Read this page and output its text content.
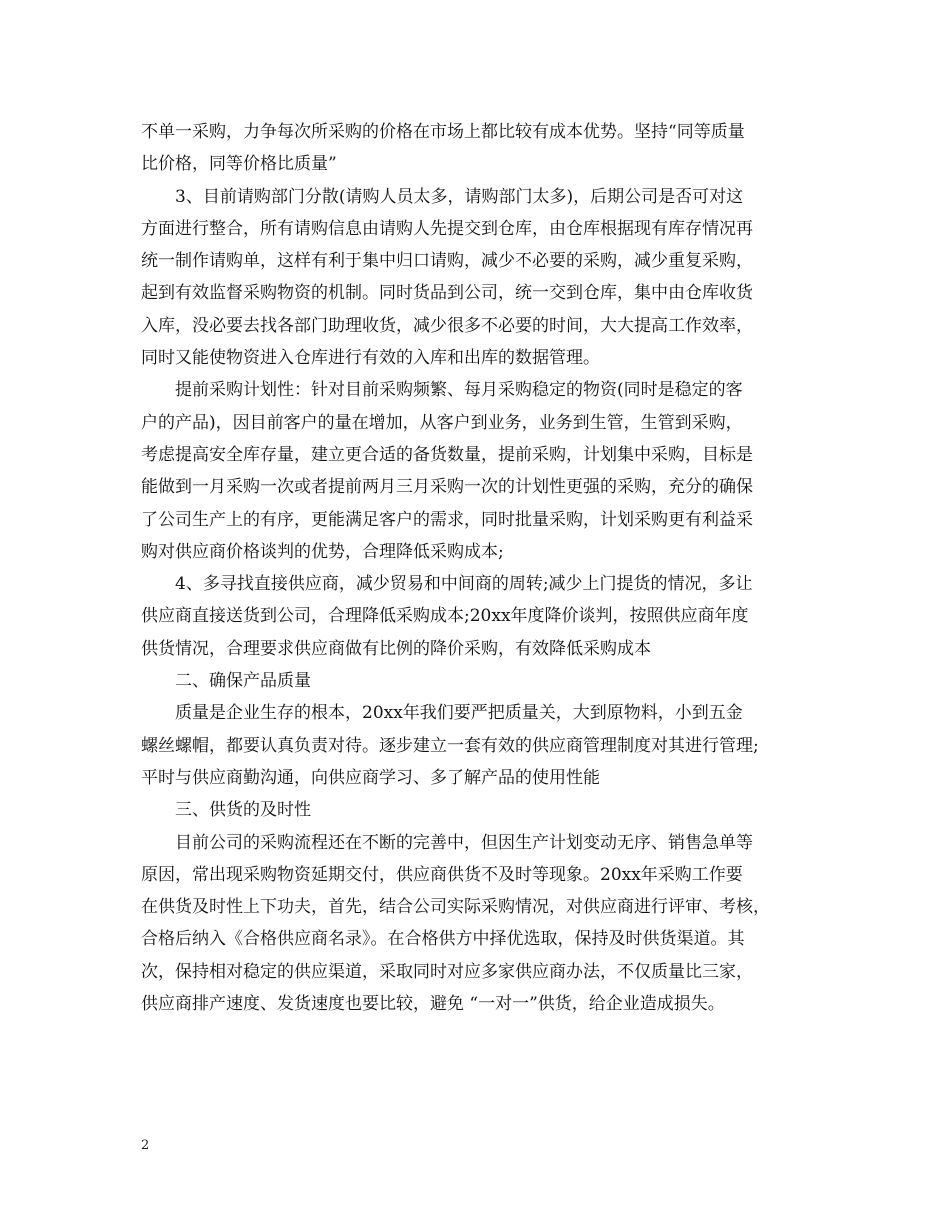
不单一采购，力争每次所采购的价格在市场上都比较有成本优势。坚持“同等质量
比价格，同等价格比质量”
3、目前请购部门分散(请购人员太多，请购部门太多)，后期公司是否可对这
方面进行整合，所有请购信息由请购人先提交到仓库，由仓库根据现有库存情况再
统一制作请购单，这样有利于集中归口请购，减少不必要的采购，减少重复采购，
起到有效监督采购物资的机制。同时货品到公司，统一交到仓库，集中由仓库收货
入库，没必要去找各部门助理收货，减少很多不必要的时间，大大提高工作效率，
同时又能使物资进入仓库进行有效的入库和出库的数据管理。
提前采购计划性：针对目前采购频繁、每月采购稳定的物资(同时是稳定的客
户的产品)，因目前客户的量在增加，从客户到业务，业务到生管，生管到采购，
考虑提高安全库存量，建立更合适的备货数量，提前采购，计划集中采购，目标是
能做到一月采购一次或者提前两月三月采购一次的计划性更强的采购，充分的确保
了公司生产上的有序，更能满足客户的需求，同时批量采购，计划采购更有利益采
购对供应商价格谈判的优势，合理降低采购成本;
4、多寻找直接供应商，减少贸易和中间商的周转;减少上门提货的情况，多让
供应商直接送货到公司，合理降低采购成本;20xx年度降价谈判，按照供应商年度
供货情况，合理要求供应商做有比例的降价采购，有效降低采购成本
二、确保产品质量
质量是企业生存的根本，20xx年我们要严把质量关，大到原物料，小到五金
螺丝螺帽，都要认真负责对待。逐步建立一套有效的供应商管理制度对其进行管理;
平时与供应商勤沟通，向供应商学习、多了解产品的使用性能
三、供货的及时性
目前公司的采购流程还在不断的完善中，但因生产计划变动无序、销售急单等
原因，常出现采购物资延期交付，供应商供货不及时等现象。20xx年采购工作要
在供货及时性上下功夫，首先，结合公司实际采购情况，对供应商进行评审、考核，
合格后纳入《合格供应商名录》。在合格供方中择优选取，保持及时供货渠道。其
次，保持相对稳定的供应渠道，采取同时对应多家供应商办法，不仅质量比三家，
供应商排产速度、发货速度也要比较，避免 “一对一”供货，给企业造成损失。
2
